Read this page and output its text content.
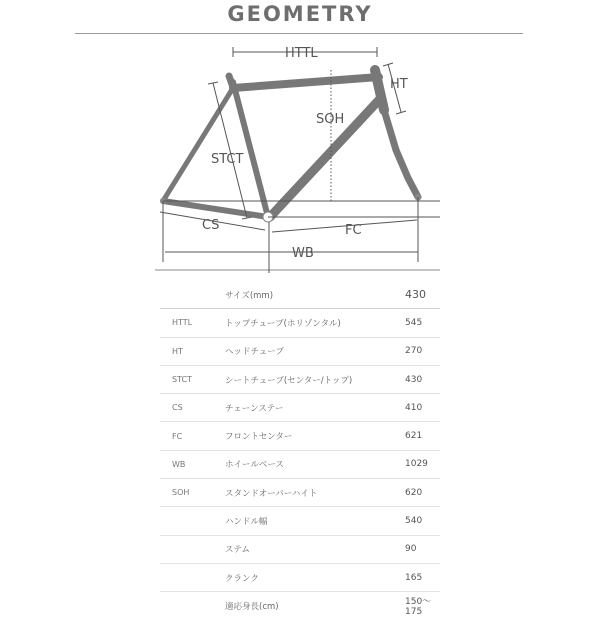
GEOMETRY
HTTL
HT
SOH
STCT
CS	FC
WB
	サイズ(mm)	430
HTTL	トップチューブ(ホリゾンタル)	545
HT	ヘッドチューブ	270
STCT	シートチューブ(センター/トップ)	430
CS	チェーンステー	410
FC	フロントセンター	621
WB	ホイールベース	1029
SOH	スタンドオーバーハイト	620
	ハンドル幅	540
	ステム	90
	クランク	165
	適応身長(cm)	150〜175
